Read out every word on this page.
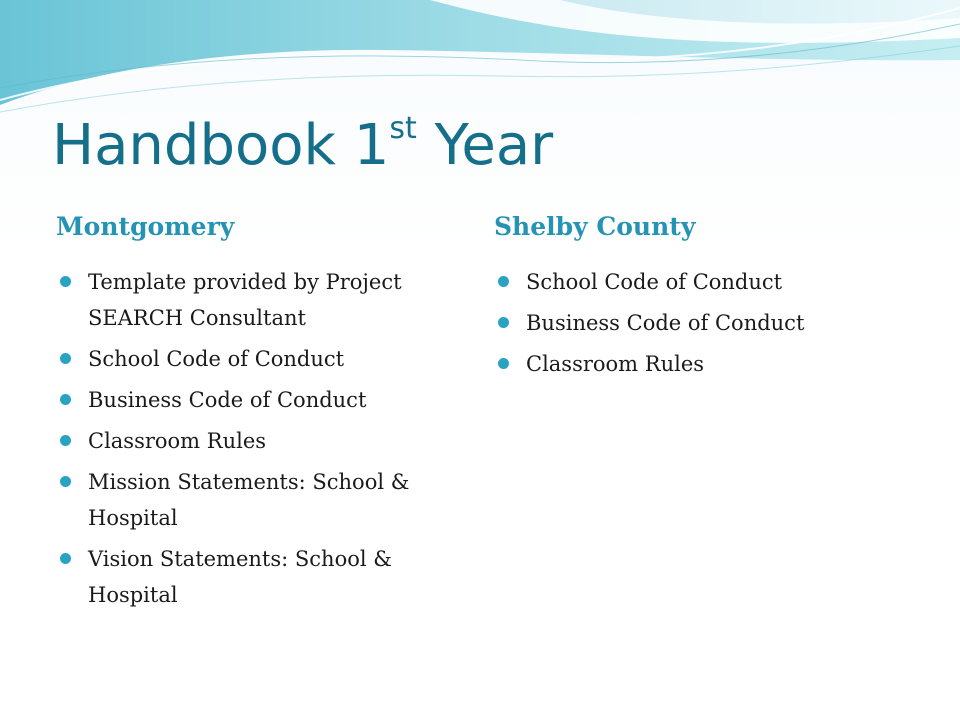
Handbook 1st Year
Montgomery	Shelby County
Template provided by Project SEARCH Consultant
School Code of Conduct
Business Code of Conduct
Classroom Rules
Mission Statements: School & Hospital
Vision Statements: School & Hospital
School Code of Conduct
Business Code of Conduct
Classroom Rules
